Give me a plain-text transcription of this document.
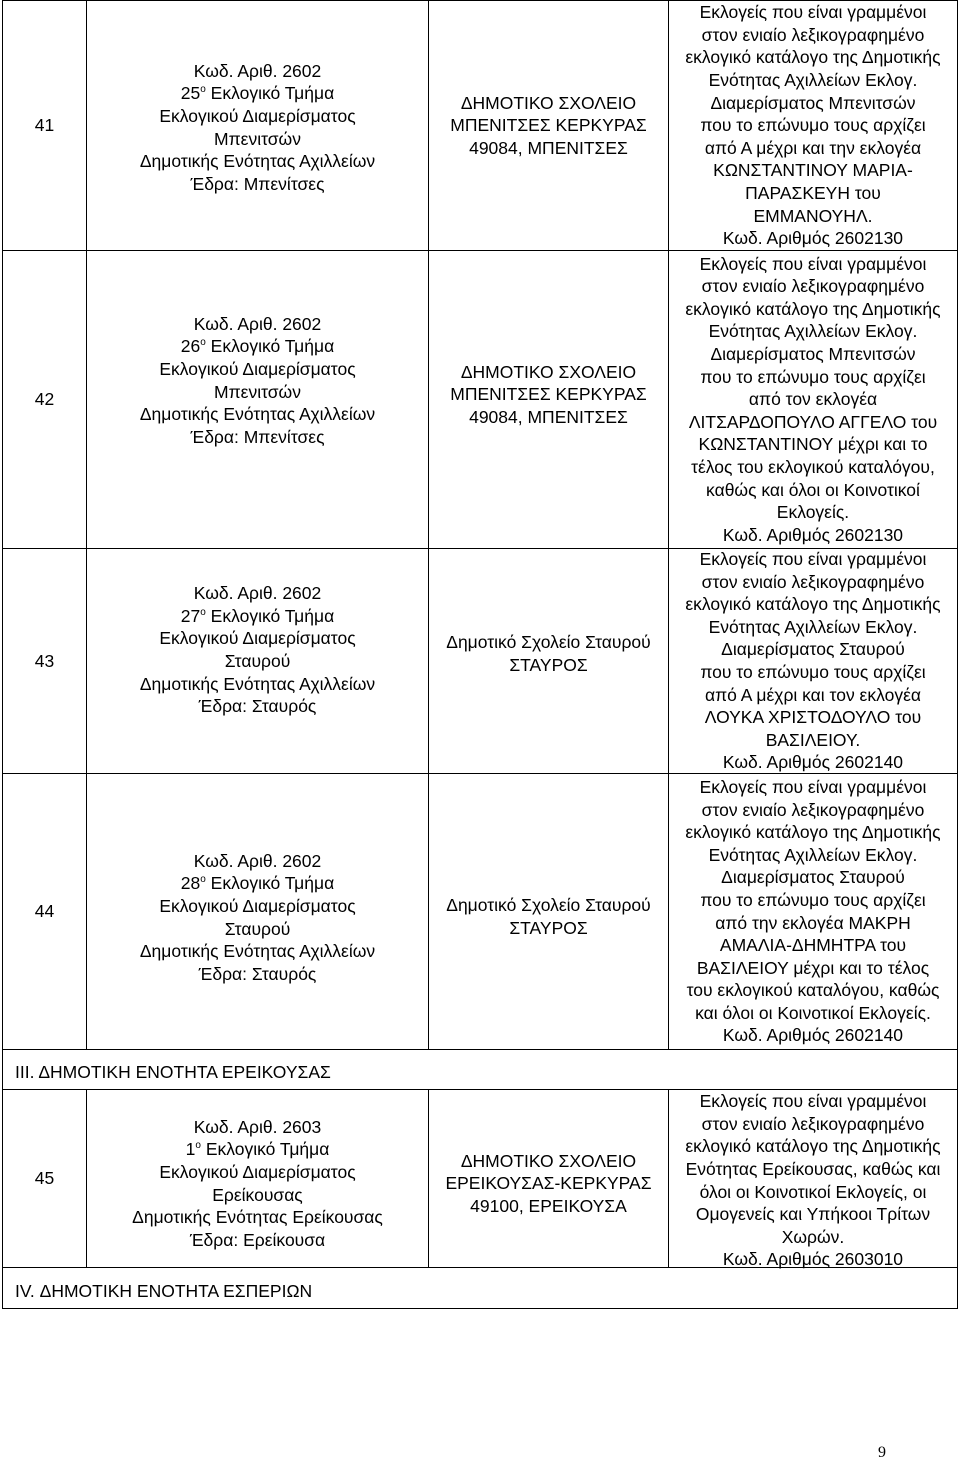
41
Κωδ. Αριθ. 2602
$25^o$ Εκλογικό Τμήμα
Εκλογικού Διαμερίσματος
Μπενιτσών
Δημοτικής Ενότητας Αχιλλείων
Έδρα: Μπενίτσες
ΔΗΜΟΤΙΚΟ ΣΧΟΛΕΙΟ
ΜΠΕΝΙΤΣΕΣ ΚΕΡΚΥΡΑΣ
49084, ΜΠΕΝΙΤΣΕΣ
Εκλογείς που είναι γραμμένοι
στον ενιαίο λεξικογραφημένο
εκλογικό κατάλογο της Δημοτικής
Ενότητας Αχιλλείων Εκλογ.
Διαμερίσματος Μπενιτσών
που το επώνυμο τους αρχίζει
από Α μέχρι και την εκλογέα
ΚΩΝΣΤΑΝΤΙΝΟΥ ΜΑΡΙΑ-
ΠΑΡΑΣΚΕΥΗ του
ΕΜΜΑΝΟΥΗΛ.
Κωδ. Αριθμός 2602130
42
Κωδ. Αριθ. 2602
$26^o$ Εκλογικό Τμήμα
Εκλογικού Διαμερίσματος
Μπενιτσών
Δημοτικής Ενότητας Αχιλλείων
Έδρα: Μπενίτσες
ΔΗΜΟΤΙΚΟ ΣΧΟΛΕΙΟ
ΜΠΕΝΙΤΣΕΣ ΚΕΡΚΥΡΑΣ
49084, ΜΠΕΝΙΤΣΕΣ
Εκλογείς που είναι γραμμένοι
στον ενιαίο λεξικογραφημένο
εκλογικό κατάλογο της Δημοτικής
Ενότητας Αχιλλείων Εκλογ.
Διαμερίσματος Μπενιτσών
που το επώνυμο τους αρχίζει
από τον εκλογέα
ΛΙΤΣΑΡΔΟΠΟΥΛΟ ΑΓΓΕΛΟ του
ΚΩΝΣΤΑΝΤΙΝΟΥ μέχρι και το
τέλος του εκλογικού καταλόγου,
καθώς και όλοι οι Κοινοτικοί
Εκλογείς.
Κωδ. Αριθμός 2602130
43
Κωδ. Αριθ. 2602
$27^o$ Εκλογικό Τμήμα
Εκλογικού Διαμερίσματος
Σταυρού
Δημοτικής Ενότητας Αχιλλείων
Έδρα: Σταυρός
Δημοτικό Σχολείο Σταυρού
ΣΤΑΥΡΟΣ
Εκλογείς που είναι γραμμένοι
στον ενιαίο λεξικογραφημένο
εκλογικό κατάλογο της Δημοτικής
Ενότητας Αχιλλείων Εκλογ.
Διαμερίσματος Σταυρού
που το επώνυμο τους αρχίζει
από Α μέχρι και τον εκλογέα
ΛΟΥΚΑ ΧΡΙΣΤΟΔΟΥΛΟ του
ΒΑΣΙΛΕΙΟΥ.
Κωδ. Αριθμός 2602140
44
Κωδ. Αριθ. 2602
$28^o$ Εκλογικό Τμήμα
Εκλογικού Διαμερίσματος
Σταυρού
Δημοτικής Ενότητας Αχιλλείων
Έδρα: Σταυρός
Δημοτικό Σχολείο Σταυρού
ΣΤΑΥΡΟΣ
Εκλογείς που είναι γραμμένοι
στον ενιαίο λεξικογραφημένο
εκλογικό κατάλογο της Δημοτικής
Ενότητας Αχιλλείων Εκλογ.
Διαμερίσματος Σταυρού
που το επώνυμο τους αρχίζει
από την εκλογέα ΜΑΚΡΗ
ΑΜΑΛΙΑ-ΔΗΜΗΤΡΑ του
ΒΑΣΙΛΕΙΟΥ μέχρι και το τέλος
του εκλογικού καταλόγου, καθώς
και όλοι οι Κοινοτικοί Εκλογείς.
Κωδ. Αριθμός 2602140
ΙΙΙ. ΔΗΜΟΤΙΚΗ ΕΝΟΤΗΤΑ ΕΡΕΙΚΟΥΣΑΣ
45
Κωδ. Αριθ. 2603
$1^o$ Εκλογικό Τμήμα
Εκλογικού Διαμερίσματος
Ερείκουσας
Δημοτικής Ενότητας Ερείκουσας
Έδρα: Ερείκουσα
ΔΗΜΟΤΙΚΟ ΣΧΟΛΕΙΟ
ΕΡΕΙΚΟΥΣΑΣ-ΚΕΡΚΥΡΑΣ
49100, ΕΡΕΙΚΟΥΣΑ
Εκλογείς που είναι γραμμένοι
στον ενιαίο λεξικογραφημένο
εκλογικό κατάλογο της Δημοτικής
Ενότητας Ερείκουσας, καθώς και
όλοι οι Κοινοτικοί Εκλογείς, οι
Ομογενείς και Υπήκοοι Τρίτων
Χωρών.
Κωδ. Αριθμός 2603010
IV. ΔΗΜΟΤΙΚΗ ΕΝΟΤΗΤΑ ΕΣΠΕΡΙΩΝ
9
